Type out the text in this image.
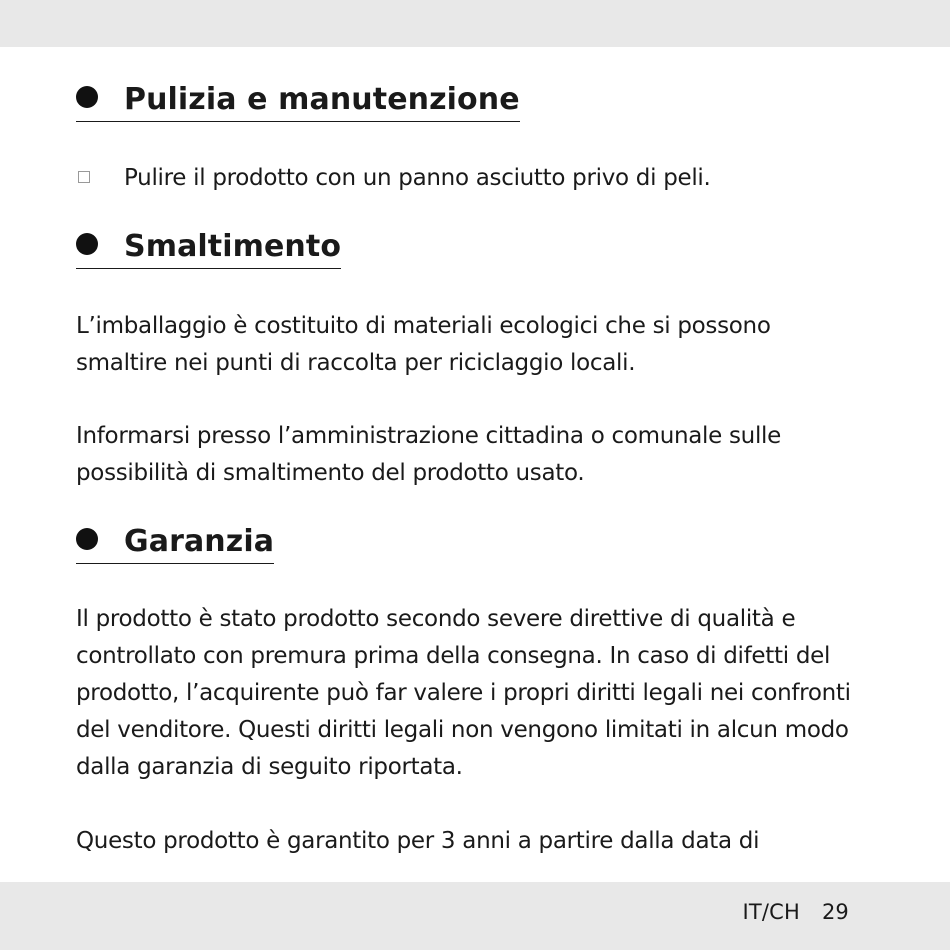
Pulizia e manutenzione
Pulire il prodotto con un panno asciutto privo di peli.
Smaltimento
L’imballaggio è costituito di materiali ecologici che si possono smaltire nei punti di raccolta per riciclaggio locali.
Informarsi presso l’amministrazione cittadina o comunale sulle possibilità di smaltimento del prodotto usato.
Garanzia
Il prodotto è stato prodotto secondo severe direttive di qualità e controllato con premura prima della consegna. In caso di difetti del prodotto, l’acquirente può far valere i propri diritti legali nei confronti del venditore. Questi diritti legali non vengono limitati in alcun modo dalla garanzia di seguito riportata.
Questo prodotto è garantito per 3 anni a partire dalla data di
IT/CH 29
